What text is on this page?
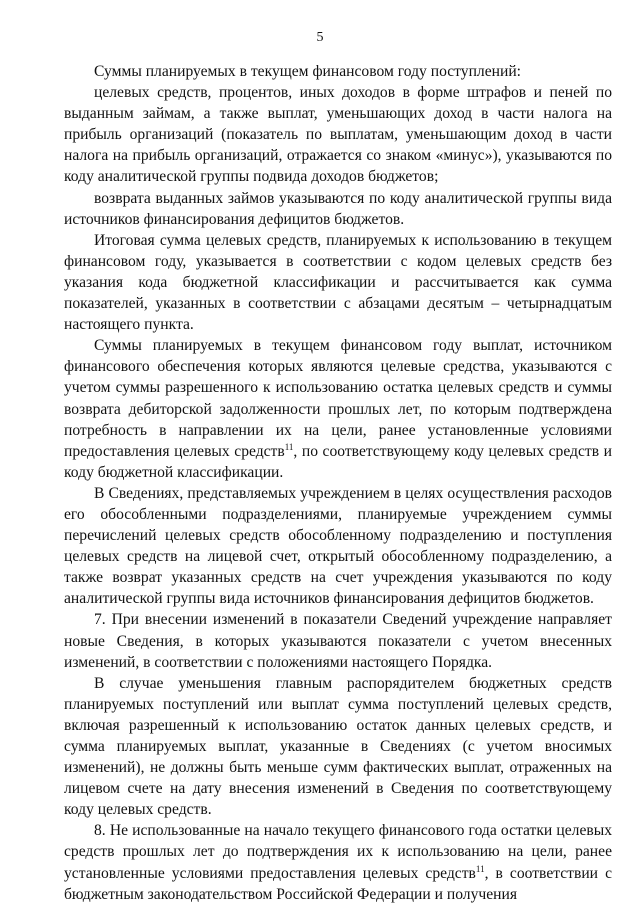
5

Суммы планируемых в текущем финансовом году поступлений:

целевых средств, процентов, иных доходов в форме штрафов и пеней по выданным займам, а также выплат, уменьшающих доход в части налога на прибыль организаций (показатель по выплатам, уменьшающим доход в части налога на прибыль организаций, отражается со знаком «минус»), указываются по коду аналитической группы подвида доходов бюджетов;

возврата выданных займов указываются по коду аналитической группы вида источников финансирования дефицитов бюджетов.

Итоговая сумма целевых средств, планируемых к использованию в текущем финансовом году, указывается в соответствии с кодом целевых средств без указания кода бюджетной классификации и рассчитывается как сумма показателей, указанных в соответствии с абзацами десятым – четырнадцатым настоящего пункта.

Суммы планируемых в текущем финансовом году выплат, источником финансового обеспечения которых являются целевые средства, указываются с учетом суммы разрешенного к использованию остатка целевых средств и суммы возврата дебиторской задолженности прошлых лет, по которым подтверждена потребность в направлении их на цели, ранее установленные условиями предоставления целевых средств$^{11}$, по соответствующему коду целевых средств и коду бюджетной классификации.

В Сведениях, представляемых учреждением в целях осуществления расходов его обособленными подразделениями, планируемые учреждением суммы перечислений целевых средств обособленному подразделению и поступления целевых средств на лицевой счет, открытый обособленному подразделению, а также возврат указанных средств на счет учреждения указываются по коду аналитической группы вида источников финансирования дефицитов бюджетов.

7. При внесении изменений в показатели Сведений учреждение направляет новые Сведения, в которых указываются показатели с учетом внесенных изменений, в соответствии с положениями настоящего Порядка.

В случае уменьшения главным распорядителем бюджетных средств планируемых поступлений или выплат сумма поступлений целевых средств, включая разрешенный к использованию остаток данных целевых средств, и сумма планируемых выплат, указанные в Сведениях (с учетом вносимых изменений), не должны быть меньше сумм фактических выплат, отраженных на лицевом счете на дату внесения изменений в Сведения по соответствующему коду целевых средств.

8. Не использованные на начало текущего финансового года остатки целевых средств прошлых лет до подтверждения их к использованию на цели, ранее установленные условиями предоставления целевых средств$^{11}$, в соответствии с бюджетным законодательством Российской Федерации и получения
